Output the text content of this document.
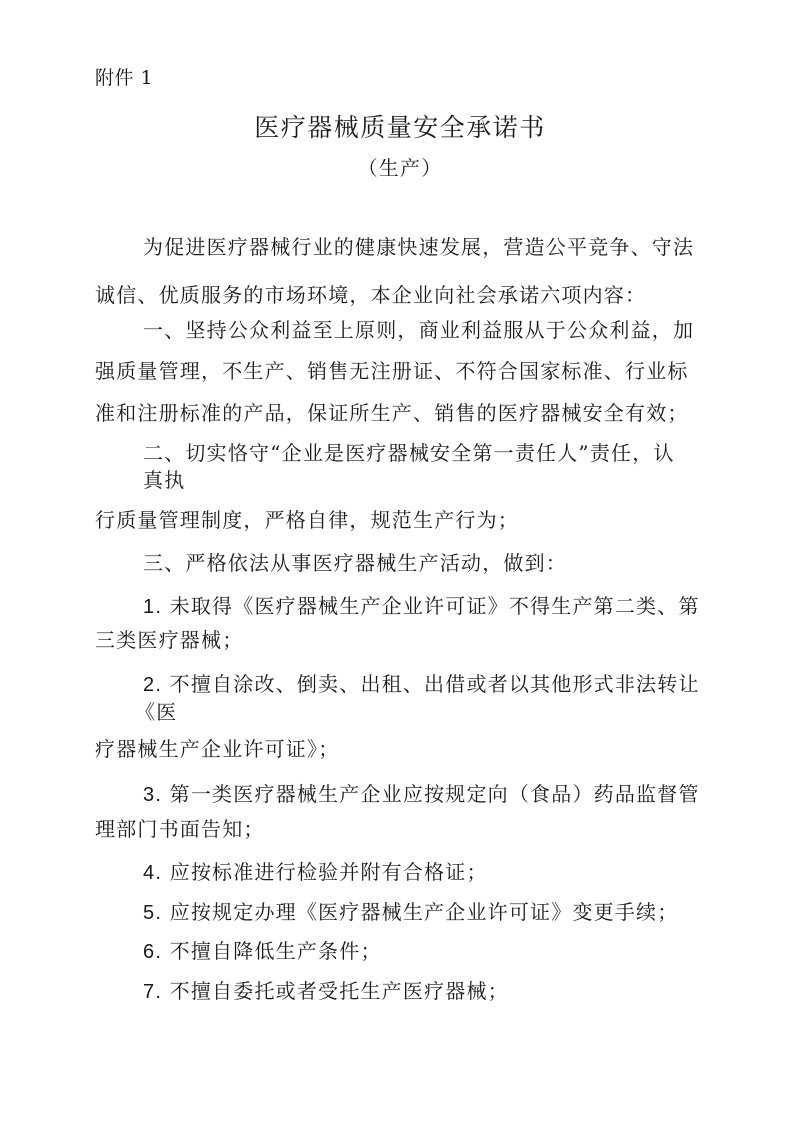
附件 1
医疗器械质量安全承诺书
（生产）
为促进医疗器械行业的健康快速发展，营造公平竞争、守法
诚信、优质服务的市场环境，本企业向社会承诺六项内容：
一、坚持公众利益至上原则，商业利益服从于公众利益，加
强质量管理，不生产、销售无注册证、不符合国家标准、行业标
准和注册标准的产品，保证所生产、销售的医疗器械安全有效；
二、切实恪守“企业是医疗器械安全第一责任人”责任，认
真执
行质量管理制度，严格自律，规范生产行为；
三、严格依法从事医疗器械生产活动，做到：
1. 未取得《医疗器械生产企业许可证》不得生产第二类、第
三类医疗器械；
2. 不擅自涂改、倒卖、出租、出借或者以其他形式非法转让
《医
疗器械生产企业许可证》；
3. 第一类医疗器械生产企业应按规定向（食品）药品监督管
理部门书面告知；
4. 应按标准进行检验并附有合格证；
5. 应按规定办理《医疗器械生产企业许可证》变更手续；
6. 不擅自降低生产条件；
7. 不擅自委托或者受托生产医疗器械；
